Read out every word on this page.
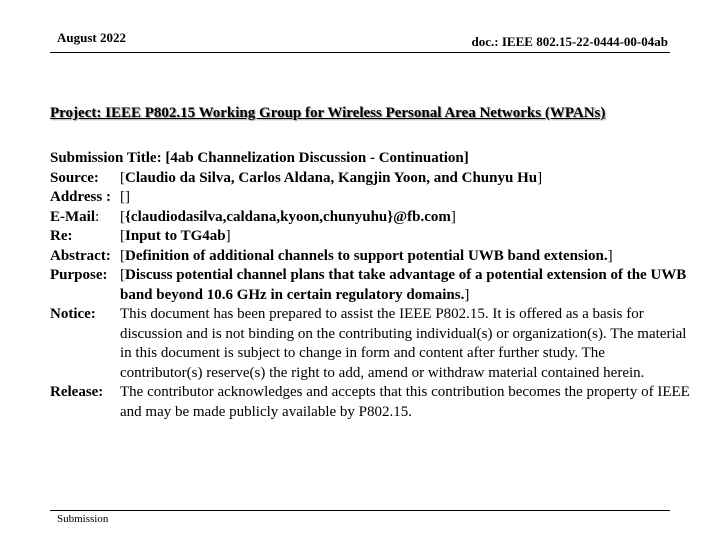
August 2022	doc.: IEEE 802.15-22-0444-00-04ab
Project: IEEE P802.15 Working Group for Wireless Personal Area Networks (WPANs)
Submission Title: [4ab Channelization Discussion - Continuation]
Source:	[Claudio da Silva, Carlos Aldana, Kangjin Yoon, and Chunyu Hu]
Address : []
E-Mail:	[{claudiodasilva,caldana,kyoon,chunyuhu}@fb.com]
Re:	[Input to TG4ab]
Abstract: [Definition of additional channels to support potential UWB band extension.]
Purpose: [Discuss potential channel plans that take advantage of a potential extension of the UWB band beyond 10.6 GHz in certain regulatory domains.]
Notice:	This document has been prepared to assist the IEEE P802.15. It is offered as a basis for discussion and is not binding on the contributing individual(s) or organization(s). The material in this document is subject to change in form and content after further study. The contributor(s) reserve(s) the right to add, amend or withdraw material contained herein.
Release:	The contributor acknowledges and accepts that this contribution becomes the property of IEEE and may be made publicly available by P802.15.
Submission
